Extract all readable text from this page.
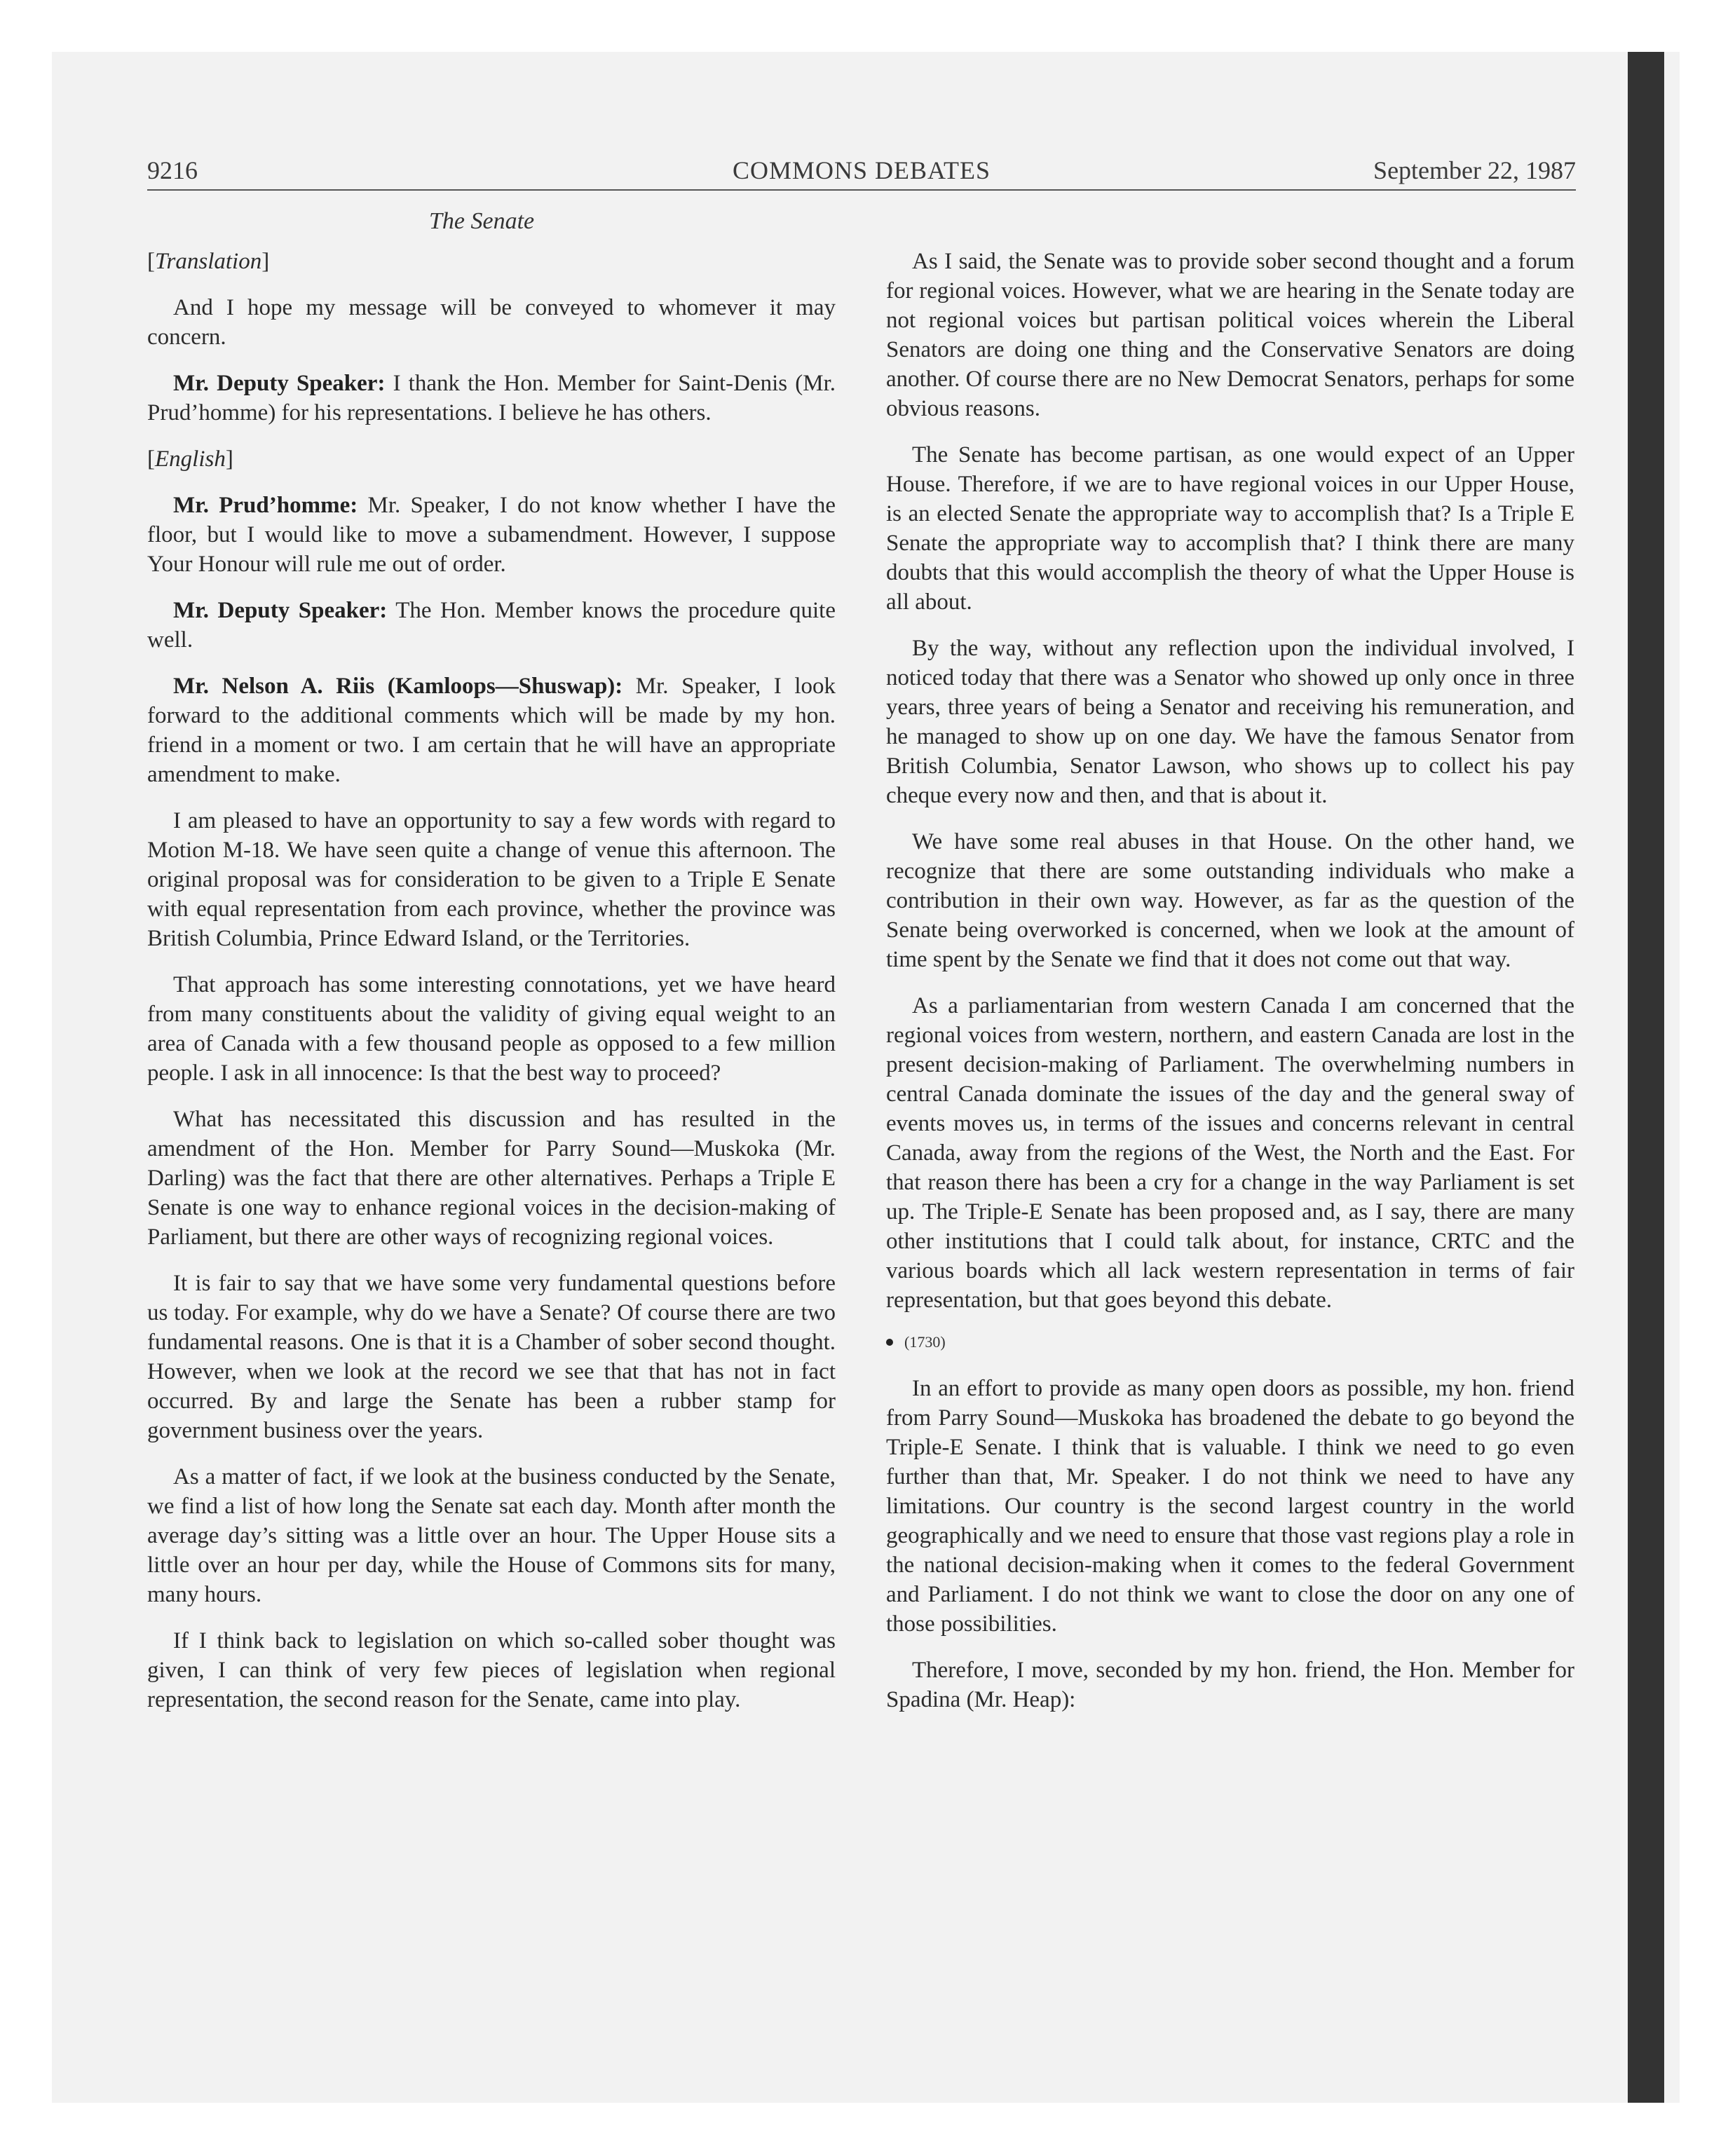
9216	COMMONS DEBATES	September 22, 1987
The Senate

[Translation]

And I hope my message will be conveyed to whomever it may concern.

Mr. Deputy Speaker: I thank the Hon. Member for Saint-Denis (Mr. Prud’homme) for his representations. I believe he has others.

[English]

Mr. Prud’homme: Mr. Speaker, I do not know whether I have the floor, but I would like to move a subamendment. However, I suppose Your Honour will rule me out of order.

Mr. Deputy Speaker: The Hon. Member knows the procedure quite well.

Mr. Nelson A. Riis (Kamloops—Shuswap): Mr. Speaker, I look forward to the additional comments which will be made by my hon. friend in a moment or two. I am certain that he will have an appropriate amendment to make.

I am pleased to have an opportunity to say a few words with regard to Motion M-18. We have seen quite a change of venue this afternoon. The original proposal was for consideration to be given to a Triple E Senate with equal representation from each province, whether the province was British Columbia, Prince Edward Island, or the Territories.

That approach has some interesting connotations, yet we have heard from many constituents about the validity of giving equal weight to an area of Canada with a few thousand people as opposed to a few million people. I ask in all innocence: Is that the best way to proceed?

What has necessitated this discussion and has resulted in the amendment of the Hon. Member for Parry Sound—Muskoka (Mr. Darling) was the fact that there are other alternatives. Perhaps a Triple E Senate is one way to enhance regional voices in the decision-making of Parliament, but there are other ways of recognizing regional voices.

It is fair to say that we have some very fundamental questions before us today. For example, why do we have a Senate? Of course there are two fundamental reasons. One is that it is a Chamber of sober second thought. However, when we look at the record we see that that has not in fact occurred. By and large the Senate has been a rubber stamp for government business over the years.

As a matter of fact, if we look at the business conducted by the Senate, we find a list of how long the Senate sat each day. Month after month the average day’s sitting was a little over an hour. The Upper House sits a little over an hour per day, while the House of Commons sits for many, many hours.

If I think back to legislation on which so-called sober thought was given, I can think of very few pieces of legislation when regional representation, the second reason for the Senate, came into play.

As I said, the Senate was to provide sober second thought and a forum for regional voices. However, what we are hearing in the Senate today are not regional voices but partisan political voices wherein the Liberal Senators are doing one thing and the Conservative Senators are doing another. Of course there are no New Democrat Senators, perhaps for some obvious reasons.

The Senate has become partisan, as one would expect of an Upper House. Therefore, if we are to have regional voices in our Upper House, is an elected Senate the appropriate way to accomplish that? Is a Triple E Senate the appropriate way to accomplish that? I think there are many doubts that this would accomplish the theory of what the Upper House is all about.

By the way, without any reflection upon the individual involved, I noticed today that there was a Senator who showed up only once in three years, three years of being a Senator and receiving his remuneration, and he managed to show up on one day. We have the famous Senator from British Columbia, Senator Lawson, who shows up to collect his pay cheque every now and then, and that is about it.

We have some real abuses in that House. On the other hand, we recognize that there are some outstanding individuals who make a contribution in their own way. However, as far as the question of the Senate being overworked is concerned, when we look at the amount of time spent by the Senate we find that it does not come out that way.

As a parliamentarian from western Canada I am concerned that the regional voices from western, northern, and eastern Canada are lost in the present decision-making of Parliament. The overwhelming numbers in central Canada dominate the issues of the day and the general sway of events moves us, in terms of the issues and concerns relevant in central Canada, away from the regions of the West, the North and the East. For that reason there has been a cry for a change in the way Parliament is set up. The Triple-E Senate has been proposed and, as I say, there are many other institutions that I could talk about, for instance, CRTC and the various boards which all lack western representation in terms of fair representation, but that goes beyond this debate.

(1730)

In an effort to provide as many open doors as possible, my hon. friend from Parry Sound—Muskoka has broadened the debate to go beyond the Triple-E Senate. I think that is valuable. I think we need to go even further than that, Mr. Speaker. I do not think we need to have any limitations. Our country is the second largest country in the world geographically and we need to ensure that those vast regions play a role in the national decision-making when it comes to the federal Government and Parliament. I do not think we want to close the door on any one of those possibilities.

Therefore, I move, seconded by my hon. friend, the Hon. Member for Spadina (Mr. Heap):
